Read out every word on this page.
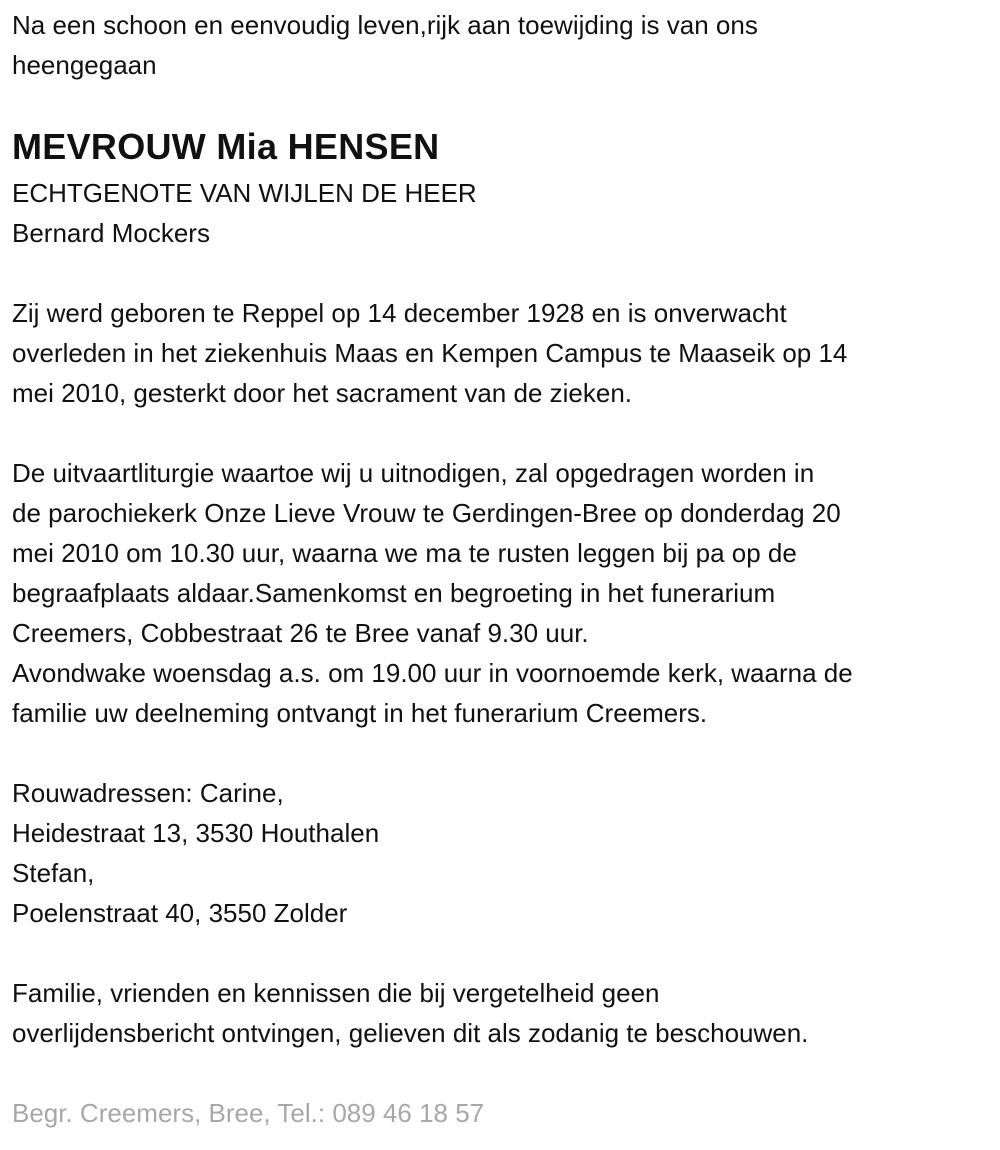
Na een schoon en eenvoudig leven,rijk aan toewijding is van ons
heengegaan
MEVROUW Mia HENSEN
ECHTGENOTE VAN WIJLEN DE HEER
Bernard Mockers
Zij werd geboren te Reppel op 14 december 1928 en is onverwacht
overleden in het ziekenhuis Maas en Kempen Campus te Maaseik op 14
mei 2010, gesterkt door het sacrament van de zieken.
De uitvaartliturgie waartoe wij u uitnodigen, zal opgedragen worden in
de parochiekerk Onze Lieve Vrouw te Gerdingen-Bree op donderdag 20
mei 2010 om 10.30 uur, waarna we ma te rusten leggen bij pa op de
begraafplaats aldaar.Samenkomst en begroeting in het funerarium
Creemers, Cobbestraat 26 te Bree vanaf 9.30 uur.
Avondwake woensdag a.s. om 19.00 uur in voornoemde kerk, waarna de
familie uw deelneming ontvangt in het funerarium Creemers.
Rouwadressen: Carine,
Heidestraat 13, 3530 Houthalen
Stefan,
Poelenstraat 40, 3550 Zolder
Familie, vrienden en kennissen die bij vergetelheid geen
overlijdensbericht ontvingen, gelieven dit als zodanig te beschouwen.
Begr. Creemers, Bree, Tel.: 089 46 18 57
